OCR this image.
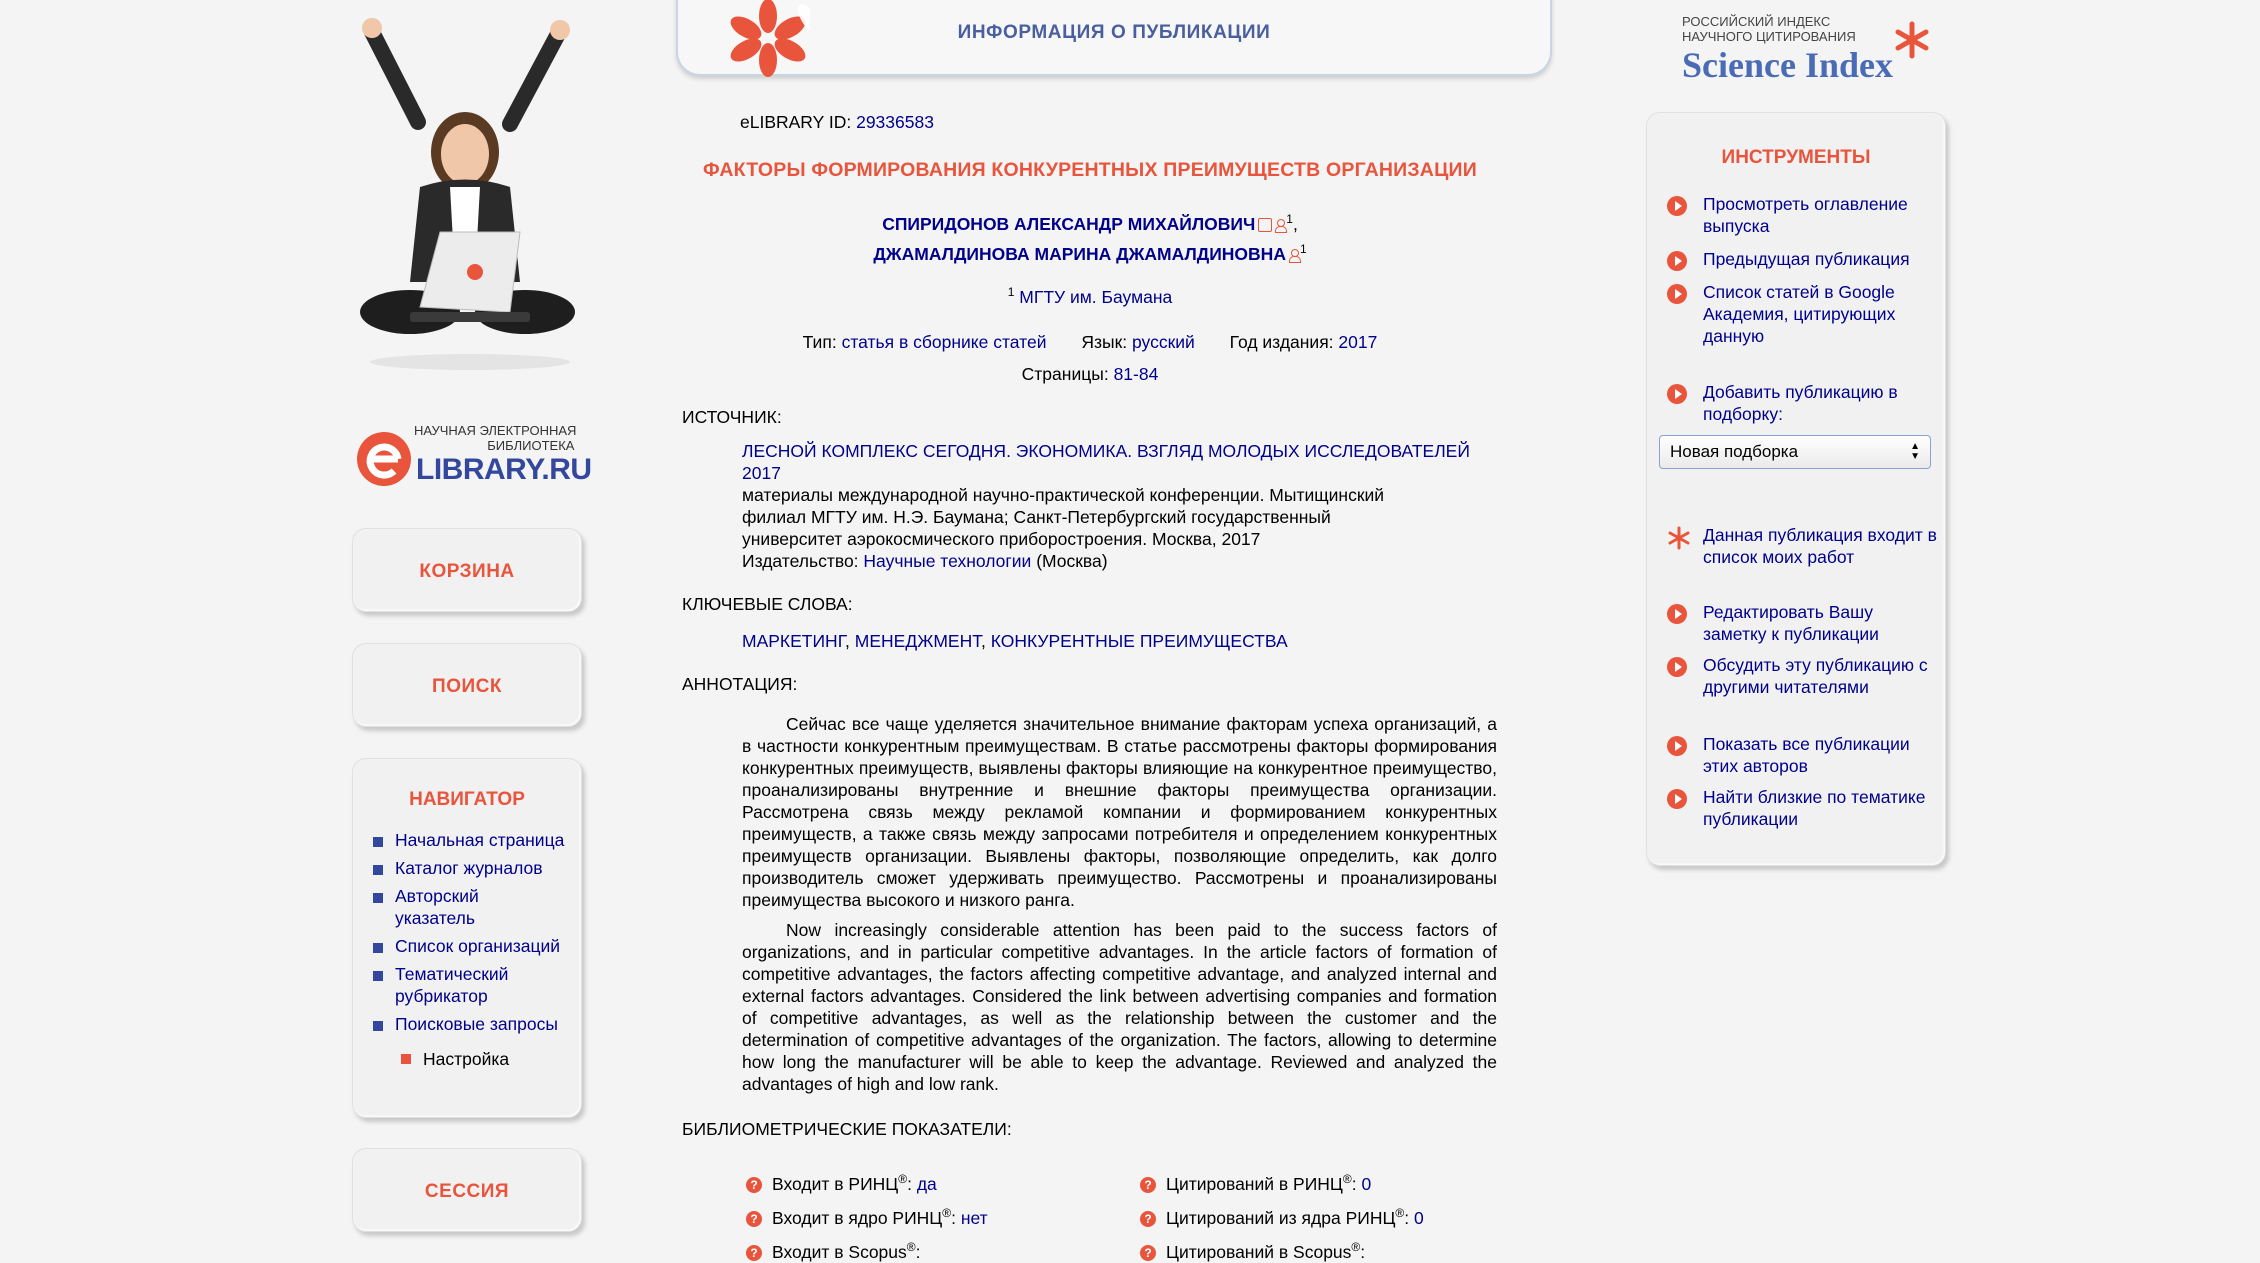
НАУЧНАЯ ЭЛЕКТРОННАЯ
БИБЛИОТЕКА
LIBRARY.RU
КОРЗИНА
ПОИСК
НАВИГАТОР
Начальная страница
Каталог журналов
Авторский указатель
Список организаций
Тематический рубрикатор
Поисковые запросы
Настройка
СЕССИЯ
ИНФОРМАЦИЯ О ПУБЛИКАЦИИ
eLIBRARY ID: 29336583
ФАКТОРЫ ФОРМИРОВАНИЯ КОНКУРЕНТНЫХ ПРЕИМУЩЕСТВ ОРГАНИЗАЦИИ
СПИРИДОНОВ АЛЕКСАНДР МИХАЙЛОВИЧ	$^1$,
ДЖАМАЛДИНОВА МАРИНА ДЖАМАЛДИНОВНА $^1$
$^1$ МГТУ им. Баумана
Тип: статья в сборнике статей Язык: русский Год издания: 2017
Страницы: 81-84
ИСТОЧНИК:
ЛЕСНОЙ КОМПЛЕКС СЕГОДНЯ. ЭКОНОМИКА. ВЗГЛЯД МОЛОДЫХ ИССЛЕДОВАТЕЛЕЙ 2017
материалы международной научно-практической конференции. Мытищинский филиал МГТУ им. Н.Э. Баумана; Санкт-Петербургский государственный университет аэрокосмического приборостроения. Москва, 2017
Издательство: Научные технологии (Москва)
КЛЮЧЕВЫЕ СЛОВА:
МАРКЕТИНГ, МЕНЕДЖМЕНТ, КОНКУРЕНТНЫЕ ПРЕИМУЩЕСТВА
АННОТАЦИЯ:

Сейчас все чаще уделяется значительное внимание факторам успеха организаций, а в частности конкурентным преимуществам. В статье рассмотрены факторы формирования конкурентных преимуществ, выявлены факторы влияющие на конкурентное преимущество, проанализированы внутренние и внешние факторы преимущества организации. Рассмотрена связь между рекламой компании и формированием конкурентных преимуществ, а также связь между запросами потребителя и определением конкурентных преимуществ организации. Выявлены факторы, позволяющие определить, как долго производитель сможет удерживать преимущество. Рассмотрены и проанализированы преимущества высокого и низкого ранга.

Now increasingly considerable attention has been paid to the success factors of organizations, and in particular competitive advantages. In the article factors of formation of competitive advantages, the factors affecting competitive advantage, and analyzed internal and external factors advantages. Considered the link between advertising companies and formation of competitive advantages, as well as the relationship between the customer and the determination of competitive advantages of the organization. The factors, allowing to determine how long the manufacturer will be able to keep the advantage. Reviewed and analyzed the advantages of high and low rank.

БИБЛИОМЕТРИЧЕСКИЕ ПОКАЗАТЕЛИ:
? Входит в РИНЦ®: да	? Цитирований в РИНЦ®: 0
? Входит в ядро РИНЦ®: нет	? Цитирований из ядра РИНЦ®: 0
? Входит в Scopus®:	? Цитирований в Scopus®:
РОССИЙСКИЙ ИНДЕКС
НАУЧНОГО ЦИТИРОВАНИЯ
Science Index
ИНСТРУМЕНТЫ
Просмотреть оглавление выпуска
Предыдущая публикация
Список статей в Google Академия, цитирующих данную
Добавить публикацию в подборку:
Новая подборка	▲
▼
Данная публикация входит в список моих работ
Редактировать Вашу заметку к публикации
Обсудить эту публикацию с другими читателями
Показать все публикации этих авторов
Найти близкие по тематике публикации
